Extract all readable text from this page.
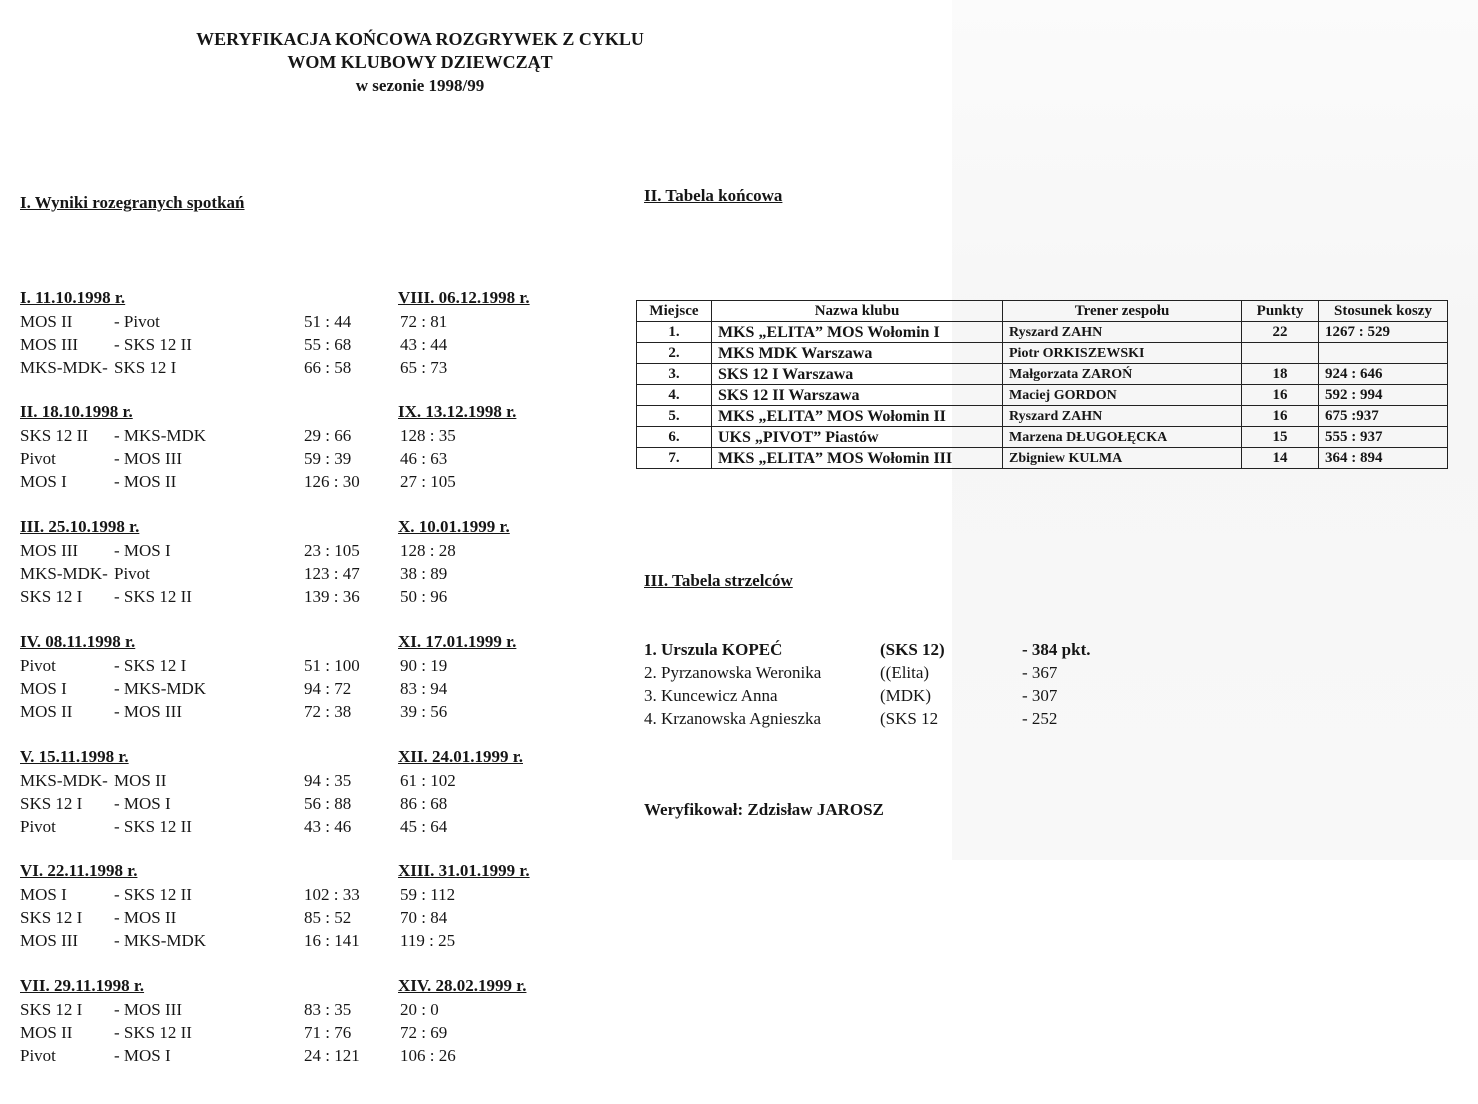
WERYFIKACJA KOŃCOWA ROZGRYWEK Z CYKLU
WOM KLUBOWY DZIEWCZĄT
w sezonie 1998/99
I. Wyniki rozegranych spotkań
I. 11.10.1998 r.	VIII. 06.12.1998 r.
MOS II - Pivot	51 : 44	72 : 81
MOS III - SKS 12 II	55 : 68	43 : 44
MKS-MDK- SKS 12 I	66 : 58	65 : 73
II. 18.10.1998 r.	IX. 13.12.1998 r.
SKS 12 II - MKS-MDK	29 : 66	128 : 35
Pivot	- MOS III	59 : 39	46 : 63
MOS I	- MOS II	126 : 30 27 : 105
III. 25.10.1998 r.	X. 10.01.1999 r.
MOS III - MOS I	23 : 105 128 : 28
MKS-MDK- Pivot	123 : 47 38 : 89
SKS 12 I - SKS 12 II	139 : 36 50 : 96
IV. 08.11.1998 r.	XI. 17.01.1999 r.
Pivot	- SKS 12 I	51 : 100 90 : 19
MOS I	- MKS-MDK	94 : 72	83 : 94
MOS II - MOS III	72 : 38	39 : 56
V. 15.11.1998 r.	XII. 24.01.1999 r.
MKS-MDK- MOS II	94 : 35	61 : 102
SKS 12 I - MOS I	56 : 88	86 : 68
Pivot	- SKS 12 II	43 : 46	45 : 64
VI. 22.11.1998 r.	XIII. 31.01.1999 r.
MOS I	- SKS 12 II	102 : 33 59 : 112
SKS 12 I - MOS II	85 : 52	70 : 84
MOS III - MKS-MDK	16 : 141 119 : 25
VII. 29.11.1998 r.	XIV. 28.02.1999 r.
SKS 12 I - MOS III	83 : 35	20 : 0
MOS II - SKS 12 II	71 : 76	72 : 69
Pivot	- MOS I	24 : 121 106 : 26
II. Tabela końcowa
Miejsce	Nazwa klubu	Trener zespołu	Punkty	Stosunek koszy
1.	MKS „ELITA” MOS Wołomin I	Ryszard ZAHN	22	1267 : 529
2.	MKS MDK Warszawa	Piotr ORKISZEWSKI		
3.	SKS 12 I Warszawa	Małgorzata ZAROŃ	18	924 : 646
4.	SKS 12 II Warszawa	Maciej GORDON	16	592 : 994
5.	MKS „ELITA” MOS Wołomin II	Ryszard ZAHN	16	675 :937
6.	UKS „PIVOT” Piastów	Marzena DŁUGOŁĘCKA	15	555 : 937
7.	MKS „ELITA” MOS Wołomin III	Zbigniew KULMA	14	364 : 894
III. Tabela strzelców
1. Urszula KOPEĆ	(SKS 12)	- 384 pkt.
2. Pyrzanowska Weronika	((Elita)	- 367
3. Kuncewicz Anna	(MDK)	- 307
4. Krzanowska Agnieszka	(SKS 12	- 252
Weryfikował: Zdzisław JAROSZ
